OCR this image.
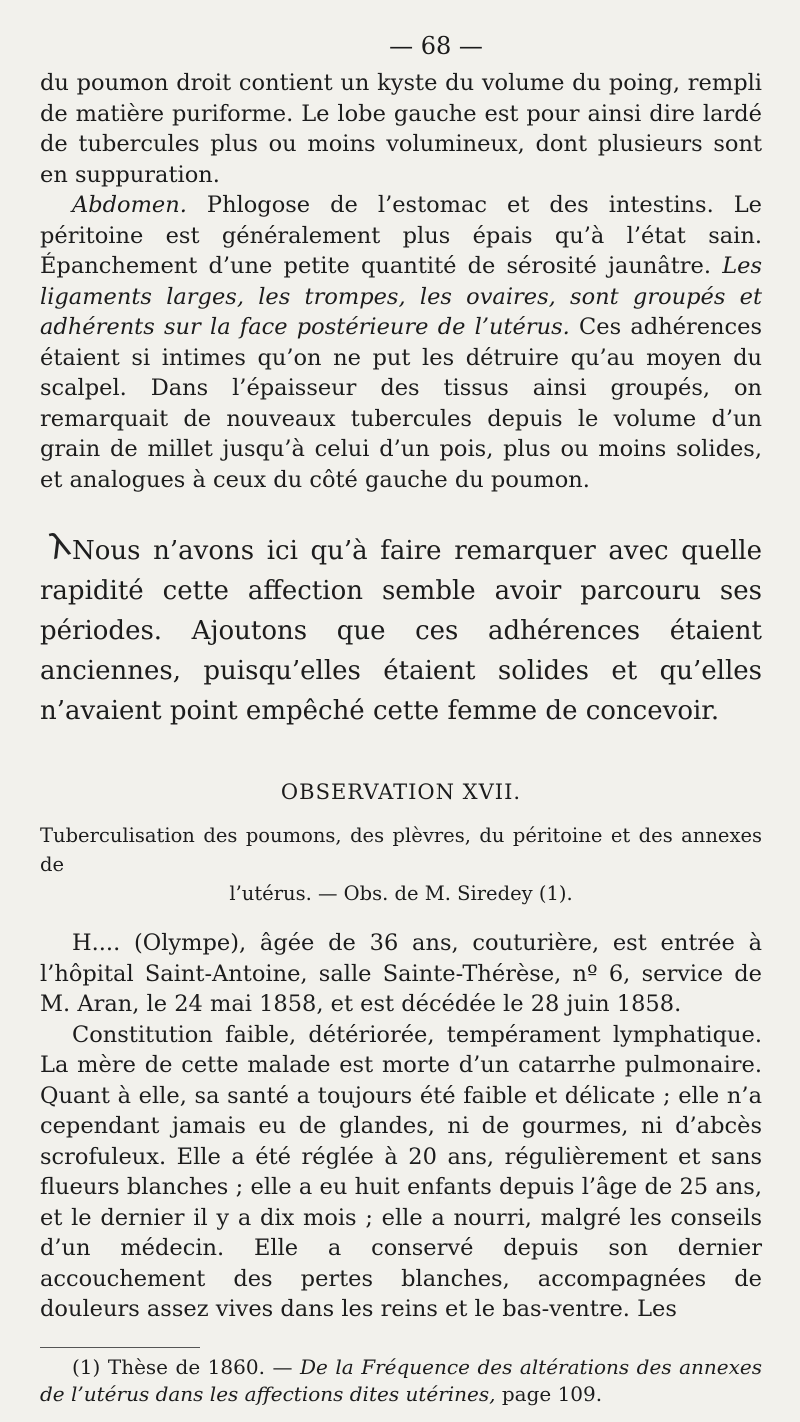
— 68 —

du poumon droit contient un kyste du volume du poing, rempli de matière puriforme. Le lobe gauche est pour ainsi dire lardé de tubercules plus ou moins volumineux, dont plusieurs sont en suppuration.

Abdomen. Phlogose de l’estomac et des intestins. Le péritoine est généralement plus épais qu’à l’état sain. Épanchement d’une petite quantité de sérosité jaunâtre. Les ligaments larges, les trompes, les ovaires, sont groupés et adhérents sur la face postérieure de l’utérus. Ces adhérences étaient si intimes qu’on ne put les détruire qu’au moyen du scalpel. Dans l’épaisseur des tissus ainsi groupés, on remarquait de nouveaux tubercules depuis le volume d’un grain de millet jusqu’à celui d’un pois, plus ou moins solides, et analogues à ceux du côté gauche du poumon.

λ
Nous n’avons ici qu’à faire remarquer avec quelle rapidité cette affection semble avoir parcouru ses périodes. Ajoutons que ces adhérences étaient anciennes, puisqu’elles étaient solides et qu’elles n’avaient point empêché cette femme de concevoir.

OBSERVATION XVII.
Tuberculisation des poumons, des plèvres, du péritoine et des annexes de
l’utérus. — Obs. de M. Siredey (1).

H.... (Olympe), âgée de 36 ans, couturière, est entrée à l’hôpital Saint-Antoine, salle Sainte-Thérèse, nº 6, service de M. Aran, le 24 mai 1858, et est décédée le 28 juin 1858.

Constitution faible, détériorée, tempérament lymphatique. La mère de cette malade est morte d’un catarrhe pulmonaire. Quant à elle, sa santé a toujours été faible et délicate ; elle n’a cependant jamais eu de glandes, ni de gourmes, ni d’abcès scrofuleux. Elle a été réglée à 20 ans, régulièrement et sans flueurs blanches ; elle a eu huit enfants depuis l’âge de 25 ans, et le dernier il y a dix mois ; elle a nourri, malgré les conseils d’un médecin. Elle a conservé depuis son dernier accouchement des pertes blanches, accompagnées de douleurs assez vives dans les reins et le bas-ventre. Les

(1) Thèse de 1860. — De la Fréquence des altérations des annexes de l’utérus dans les affections dites utérines, page 109.
